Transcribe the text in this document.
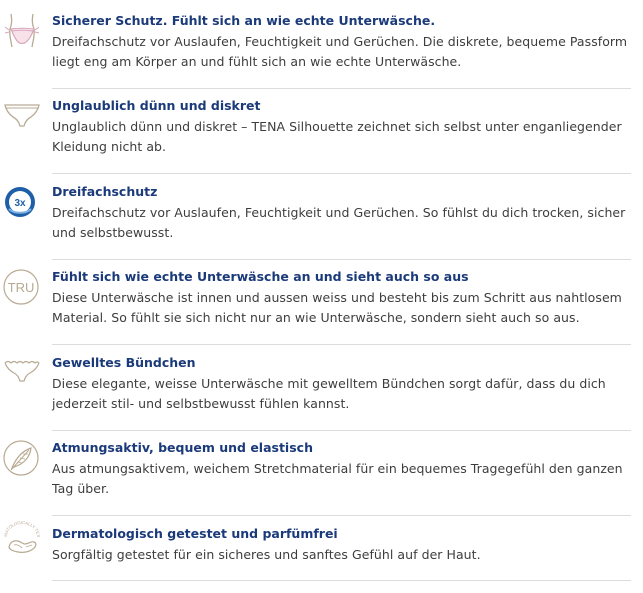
Sicherer Schutz. Fühlt sich an wie echte Unterwäsche.

Dreifachschutz vor Auslaufen, Feuchtigkeit und Gerüchen. Die diskrete, bequeme Passform liegt eng am Körper an und fühlt sich an wie echte Unterwäsche.

Unglaublich dünn und diskret

Unglaublich dünn und diskret – TENA Silhouette zeichnet sich selbst unter enganliegender Kleidung nicht ab.

3x

Dreifachschutz

Dreifachschutz vor Auslaufen, Feuchtigkeit und Gerüchen. So fühlst du dich trocken, sicher und selbstbewusst.

TRU

Fühlt sich wie echte Unterwäsche an und sieht auch so aus

Diese Unterwäsche ist innen und aussen weiss und besteht bis zum Schritt aus nahtlosem Material. So fühlt sie sich nicht nur an wie Unterwäsche, sondern sieht auch so aus.

Gewelltes Bündchen

Diese elegante, weisse Unterwäsche mit gewelltem Bündchen sorgt dafür, dass du dich jederzeit stil- und selbstbewusst fühlen kannst.

Atmungsaktiv, bequem und elastisch

Aus atmungsaktivem, weichem Stretchmaterial für ein bequemes Tragegefühl den ganzen Tag über.

MATOLOGICALLY TES Dermatologisch getestet und parfümfrei

Sorgfältig getestet für ein sicheres und sanftes Gefühl auf der Haut.
